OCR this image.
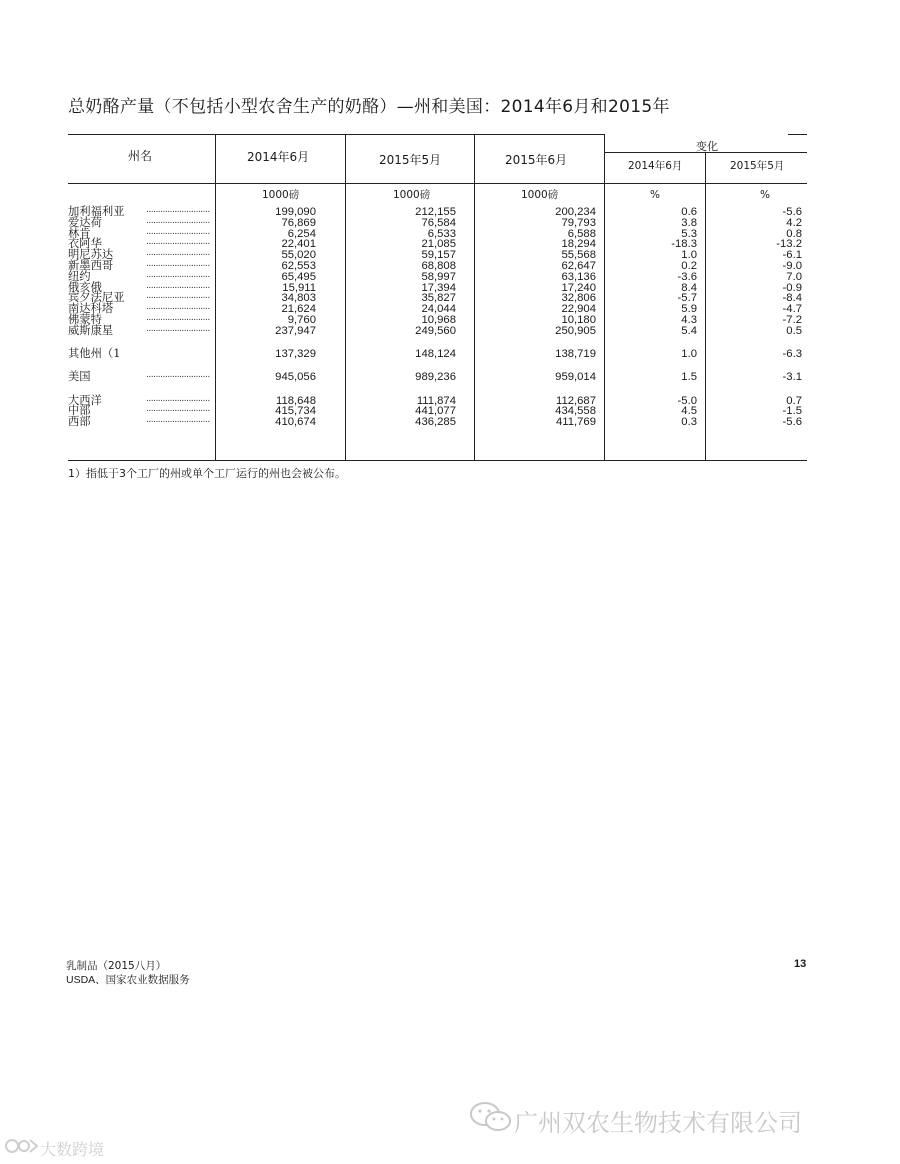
总奶酪产量（不包括小型农舍生产的奶酪）—州和美国：2014年6月和2015年
州名	2014年6月	2015年5月	2015年6月
变化
2014年6月	2015年5月
1000磅	1000磅	1000磅	%	%
加利福利亚 ...........................	199,090	212,155	200,234	0.6	-5.6
爱达荷	...........................	76,869	76,584	79,793	3.8	4.2
林肯	...........................	6,254	6,533	6,588	5.3	0.8
衣阿华	...........................	22,401	21,085	18,294	-18.3	-13.2
明尼苏达	...........................	55,020	59,157	55,568	1.0	-6.1
新墨西哥	...........................	62,553	68,808	62,647	0.2	-9.0
纽约	...........................	65,495	58,997	63,136	-3.6	7.0
俄亥俄	...........................	15,911	17,394	17,240	8.4	-0.9
宾夕法尼亚 ...........................	34,803	35,827	32,806	-5.7	-8.4
南达科塔	...........................	21,624	24,044	22,904	5.9	-4.7
佛蒙特	...........................	9,760	10,968	10,180	4.3	-7.2
威斯康星	...........................	237,947	249,560	250,905	5.4	0.5
其他州（1	137,329	148,124	138,719	1.0	-6.3
美国	...........................	945,056	989,236	959,014	1.5	-3.1
大西洋	...........................	118,648	111,874	112,687	-5.0	0.7
中部	...........................	415,734	441,077	434,558	4.5	-1.5
西部	...........................	410,674	436,285	411,769	0.3	-5.6
1）指低于3个工厂的州或单个工厂运行的州也会被公布。
乳制品（2015八月）
USDA、国家农业数据服务
13
广州双农生物技术有限公司
大数跨境
